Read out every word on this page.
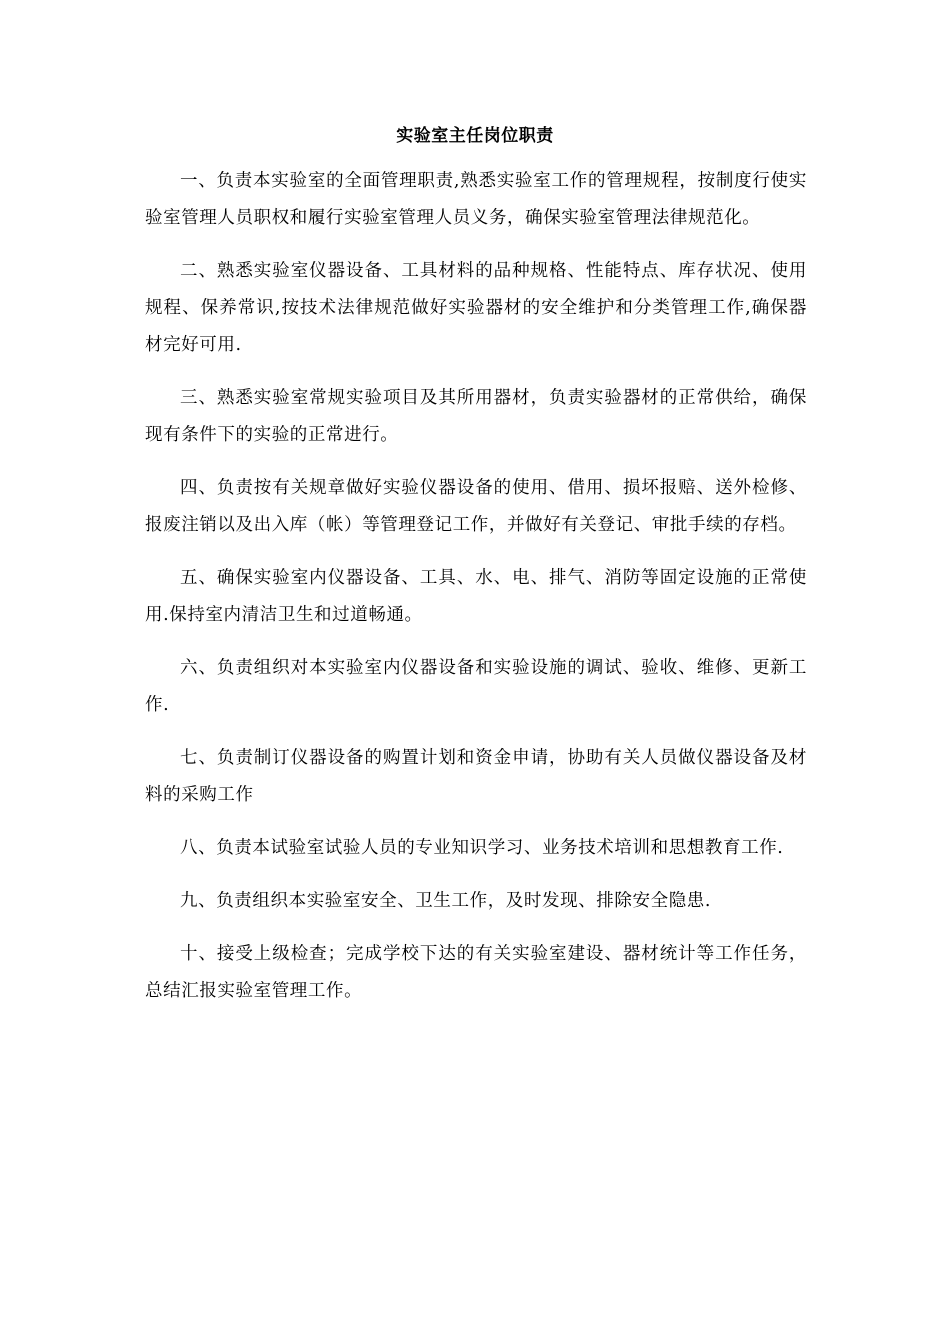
实验室主任岗位职责

一、负责本实验室的全面管理职责,熟悉实验室工作的管理规程，按制度行使实验室管理人员职权和履行实验室管理人员义务，确保实验室管理法律规范化。

二、熟悉实验室仪器设备、工具材料的品种规格、性能特点、库存状况、使用规程、保养常识,按技术法律规范做好实验器材的安全维护和分类管理工作,确保器材完好可用.

三、熟悉实验室常规实验项目及其所用器材，负责实验器材的正常供给，确保现有条件下的实验的正常进行。

四、负责按有关规章做好实验仪器设备的使用、借用、损坏报赔、送外检修、报废注销以及出入库（帐）等管理登记工作，并做好有关登记、审批手续的存档。

五、确保实验室内仪器设备、工具、水、电、排气、消防等固定设施的正常使用.保持室内清洁卫生和过道畅通。

六、负责组织对本实验室内仪器设备和实验设施的调试、验收、维修、更新工作.

七、负责制订仪器设备的购置计划和资金申请，协助有关人员做仪器设备及材料的采购工作

八、负责本试验室试验人员的专业知识学习、业务技术培训和思想教育工作.

九、负责组织本实验室安全、卫生工作，及时发现、排除安全隐患.

十、接受上级检查；完成学校下达的有关实验室建设、器材统计等工作任务，总结汇报实验室管理工作。
